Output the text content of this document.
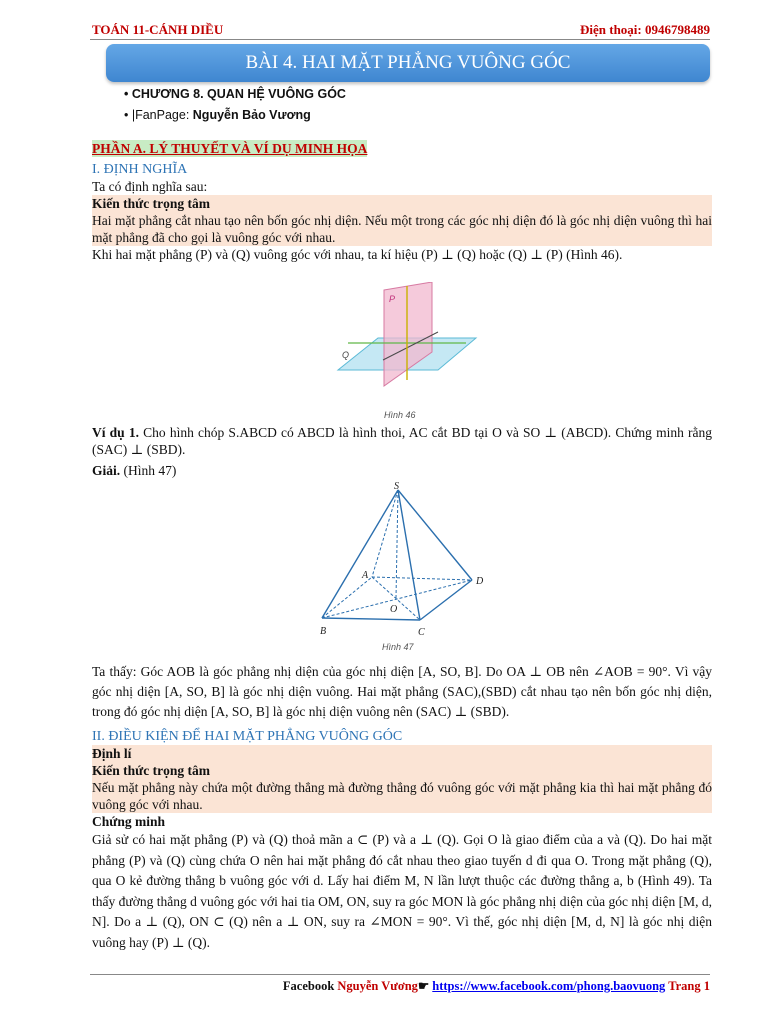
TOÁN 11-CÁNH DIỀU	Điện thoại: 0946798489
BÀI 4. HAI MẶT PHẲNG VUÔNG GÓC
• CHƯƠNG 8. QUAN HỆ VUÔNG GÓC
• |FanPage: Nguyễn Bảo Vương
PHẦN A. LÝ THUYẾT VÀ VÍ DỤ MINH HỌA
I. ĐỊNH NGHĨA
Ta có định nghĩa sau:
Kiến thức trọng tâm
Hai mặt phẳng cắt nhau tạo nên bốn góc nhị diện. Nếu một trong các góc nhị diện đó là góc nhị diện vuông thì hai mặt phẳng đã cho gọi là vuông góc với nhau.
Khi hai mặt phẳng (P) và (Q) vuông góc với nhau, ta kí hiệu (P) ⊥ (Q) hoặc (Q) ⊥ (P) (Hình 46).
P
Q
Hình 46
Ví dụ 1. Cho hình chóp S.ABCD có ABCD là hình thoi, AC cắt BD tại O và SO ⊥ (ABCD). Chứng minh rằng (SAC) ⊥ (SBD).
Giải. (Hình 47)
S
A
D
B	C
O
Hình 47
Ta thấy: Góc AOB là góc phẳng nhị diện của góc nhị diện [A, SO, B]. Do OA ⊥ OB nên ∠AOB = 90°. Vì vậy góc nhị diện [A, SO, B] là góc nhị diện vuông. Hai mặt phẳng (SAC),(SBD) cắt nhau tạo nên bốn góc nhị diện, trong đó góc nhị diện [A, SO, B] là góc nhị diện vuông nên (SAC) ⊥ (SBD).
II. ĐIỀU KIỆN ĐỂ HAI MẶT PHẲNG VUÔNG GÓC
Định lí
Kiến thức trọng tâm
Nếu mặt phẳng này chứa một đường thẳng mà đường thẳng đó vuông góc với mặt phẳng kia thì hai mặt phẳng đó vuông góc với nhau.
Chứng minh
Giả sử có hai mặt phẳng (P) và (Q) thoả mãn a ⊂ (P) và a ⊥ (Q). Gọi O là giao điểm của a và (Q). Do hai mặt phẳng (P) và (Q) cùng chứa O nên hai mặt phẳng đó cắt nhau theo giao tuyến d đi qua O. Trong mặt phẳng (Q), qua O kẻ đường thẳng b vuông góc với d. Lấy hai điểm M, N lần lượt thuộc các đường thẳng a, b (Hình 49). Ta thấy đường thẳng d vuông góc với hai tia OM, ON, suy ra góc MON là góc phẳng nhị diện của góc nhị diện [M, d, N]. Do a ⊥ (Q), ON ⊂ (Q) nên a ⊥ ON, suy ra ∠MON = 90°. Vì thế, góc nhị diện [M, d, N] là góc nhị diện vuông hay (P) ⊥ (Q).
Facebook Nguyễn Vương☛ https://www.facebook.com/phong.baovuong Trang 1
